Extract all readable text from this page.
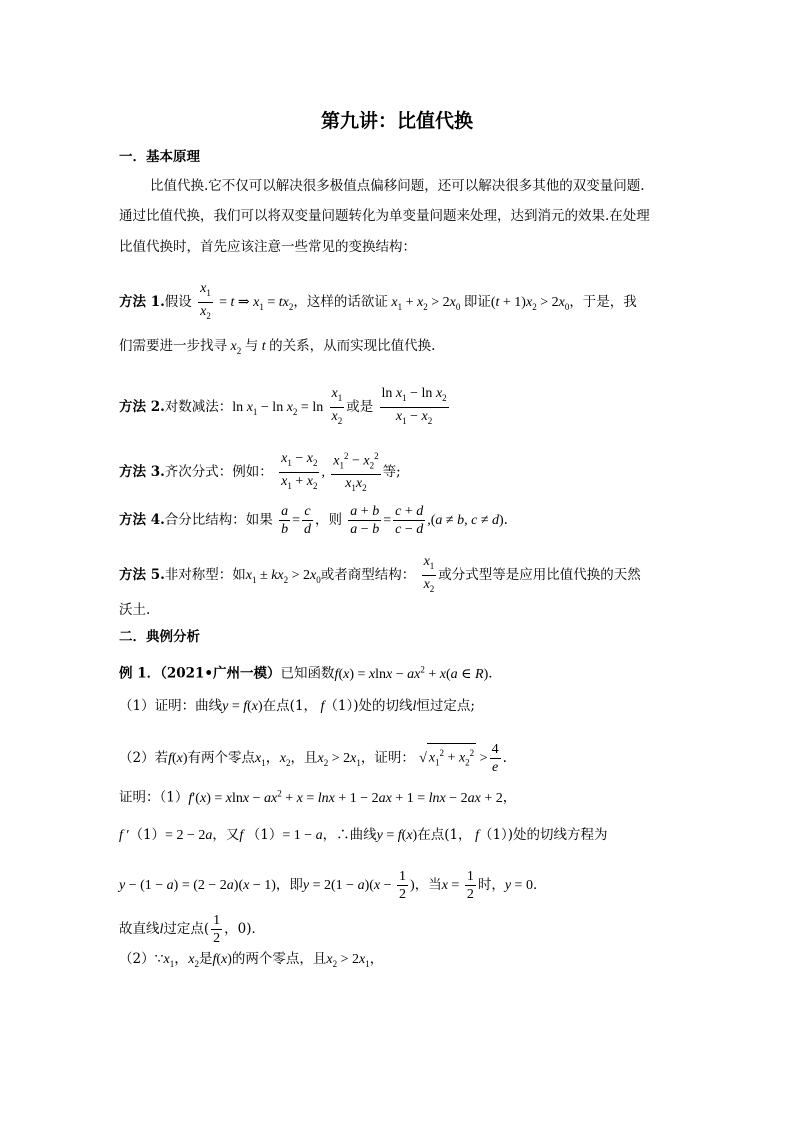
第九讲：比值代换
一．基本原理
比值代换.它不仅可以解决很多极值点偏移问题，还可以解决很多其他的双变量问题.
通过比值代换，我们可以将双变量问题转化为单变量问题来处理，达到消元的效果.在处理
比值代换时，首先应该注意一些常见的变换结构：
方法 1.假设 $\frac{x_1}{x_2} = t$ ⇒ $x_1 = tx_2$，这样的话欲证 $x_1 + x_2 > 2x_0$ 即证$(t + 1)x_2 > 2x_0$，于是，我
们需要进一步找寻 $x_2$ 与 t 的关系，从而实现比值代换.
方法 2.对数减法：$\ln x_1 - \ln x_2 = \ln \frac{x_1}{x_2}$ 或是 $\frac{\ln x_1 - \ln x_2}{x_1 - x_2}$
方法 3.齐次分式：例如： $\frac{x_1 - x_2}{x_1 + x_2}$ , $\frac{x_1^2 - x_2^2}{x_1x_2}$ 等;
方法 4.合分比结构：如果 $\frac{a}{b} = \frac{c}{d}$ ，则 $\frac{a + b}{a - b} = \frac{c + d}{c - d} ,(a \ne b$, c ≠ d).
方法 5.非对称型：如$x_1 \pm kx_2 > 2x_0$或者商型结构： $\frac{x_1}{x_2}$ 或分式型等是应用比值代换的天然
沃土.
二．典例分析
例 1．（2021•广州一模）已知函数$f(x) = xlnx - ax^2 + x(a$ ∈ R)．
（1）证明：曲线y = f(x)在点(1， f（1）)处的切线l恒过定点;
（2）若f(x)有两个零点$x_1$，$x_2$，且$x_2 > 2x_1$，证明： √ $x_1^2 + x_2^2 > \frac{4}{e}$ .
证明：$(1)f'(x) = xlnx - ax^2 + x = \ln x + 1 - 2ax + 1 = \ln x - 2ax + 2$，
f ′（1）= 2 − 2a，又f （1）= 1 − a，∴曲线y = f(x)在点(1， f（1）)处的切线方程为
y − (1 − a) = (2 − 2a)(x − 1)，即$y = 2(1 - a)(x - \frac{1}{2}$ )，当$x = \frac{1}{2}$ 时，y = 0．
故直线l过定点( $\frac{1}{2}$ ，0)．
$(2)\because x_1$，$x_2$是f(x)的两个零点，且$x_2 > 2x_1$，
